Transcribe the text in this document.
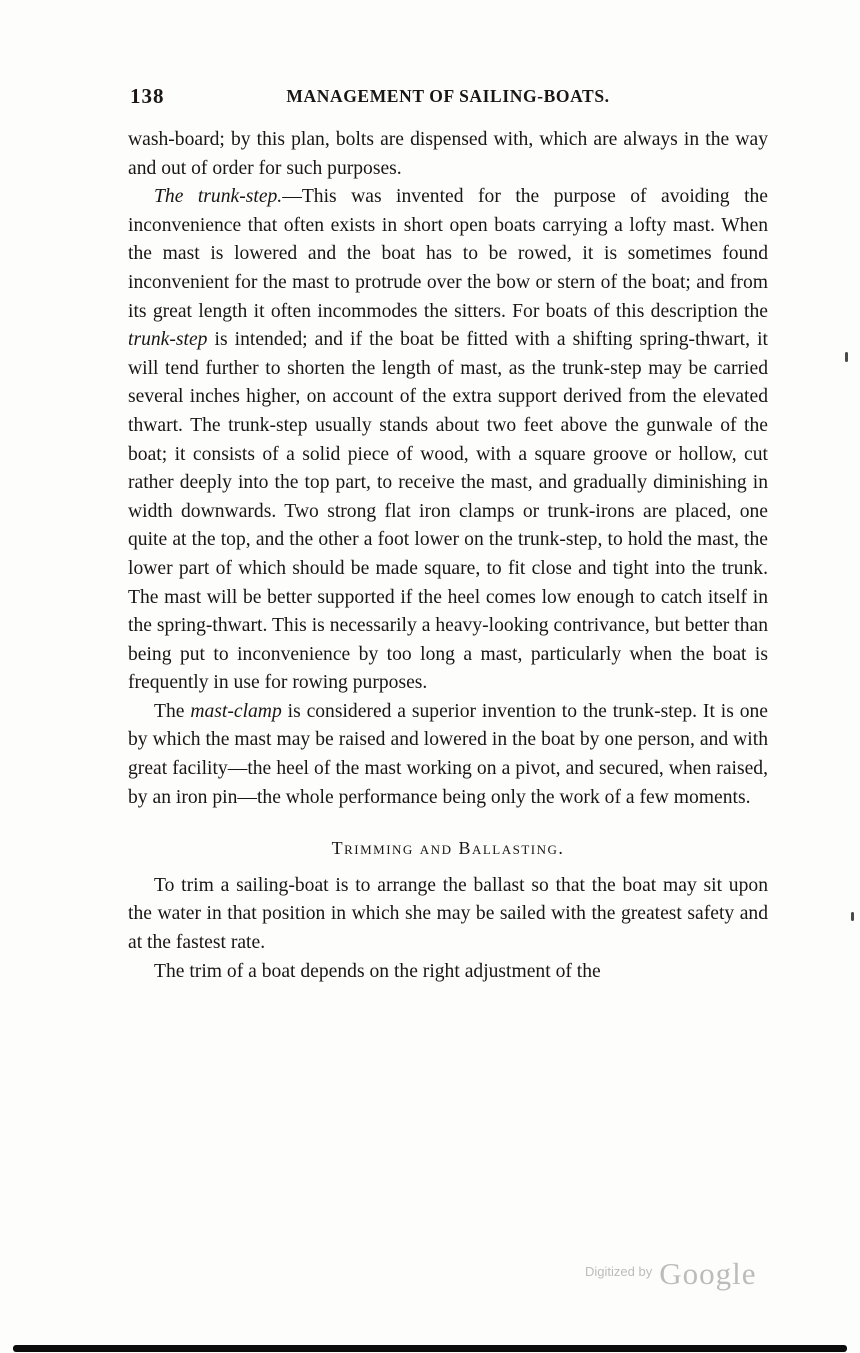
138	MANAGEMENT OF SAILING-BOATS.

wash-board; by this plan, bolts are dispensed with, which are always in the way and out of order for such purposes.

The trunk-step.—This was invented for the purpose of avoiding the inconvenience that often exists in short open boats carrying a lofty mast. When the mast is lowered and the boat has to be rowed, it is sometimes found inconvenient for the mast to protrude over the bow or stern of the boat; and from its great length it often incommodes the sitters. For boats of this description the trunk-step is intended; and if the boat be fitted with a shifting spring-thwart, it will tend further to shorten the length of mast, as the trunk-step may be carried several inches higher, on account of the extra support derived from the elevated thwart. The trunk-step usually stands about two feet above the gunwale of the boat; it consists of a solid piece of wood, with a square groove or hollow, cut rather deeply into the top part, to receive the mast, and gradually diminishing in width downwards. Two strong flat iron clamps or trunk-irons are placed, one quite at the top, and the other a foot lower on the trunk-step, to hold the mast, the lower part of which should be made square, to fit close and tight into the trunk. The mast will be better supported if the heel comes low enough to catch itself in the spring-thwart. This is necessarily a heavy-looking contrivance, but better than being put to inconvenience by too long a mast, particularly when the boat is frequently in use for rowing purposes.

The mast-clamp is considered a superior invention to the trunk-step. It is one by which the mast may be raised and lowered in the boat by one person, and with great facility—the heel of the mast working on a pivot, and secured, when raised, by an iron pin—the whole performance being only the work of a few moments.

Trimming and Ballasting.

To trim a sailing-boat is to arrange the ballast so that the boat may sit upon the water in that position in which she may be sailed with the greatest safety and at the fastest rate.

The trim of a boat depends on the right adjustment of the

$^{Digitized by}$ Google
